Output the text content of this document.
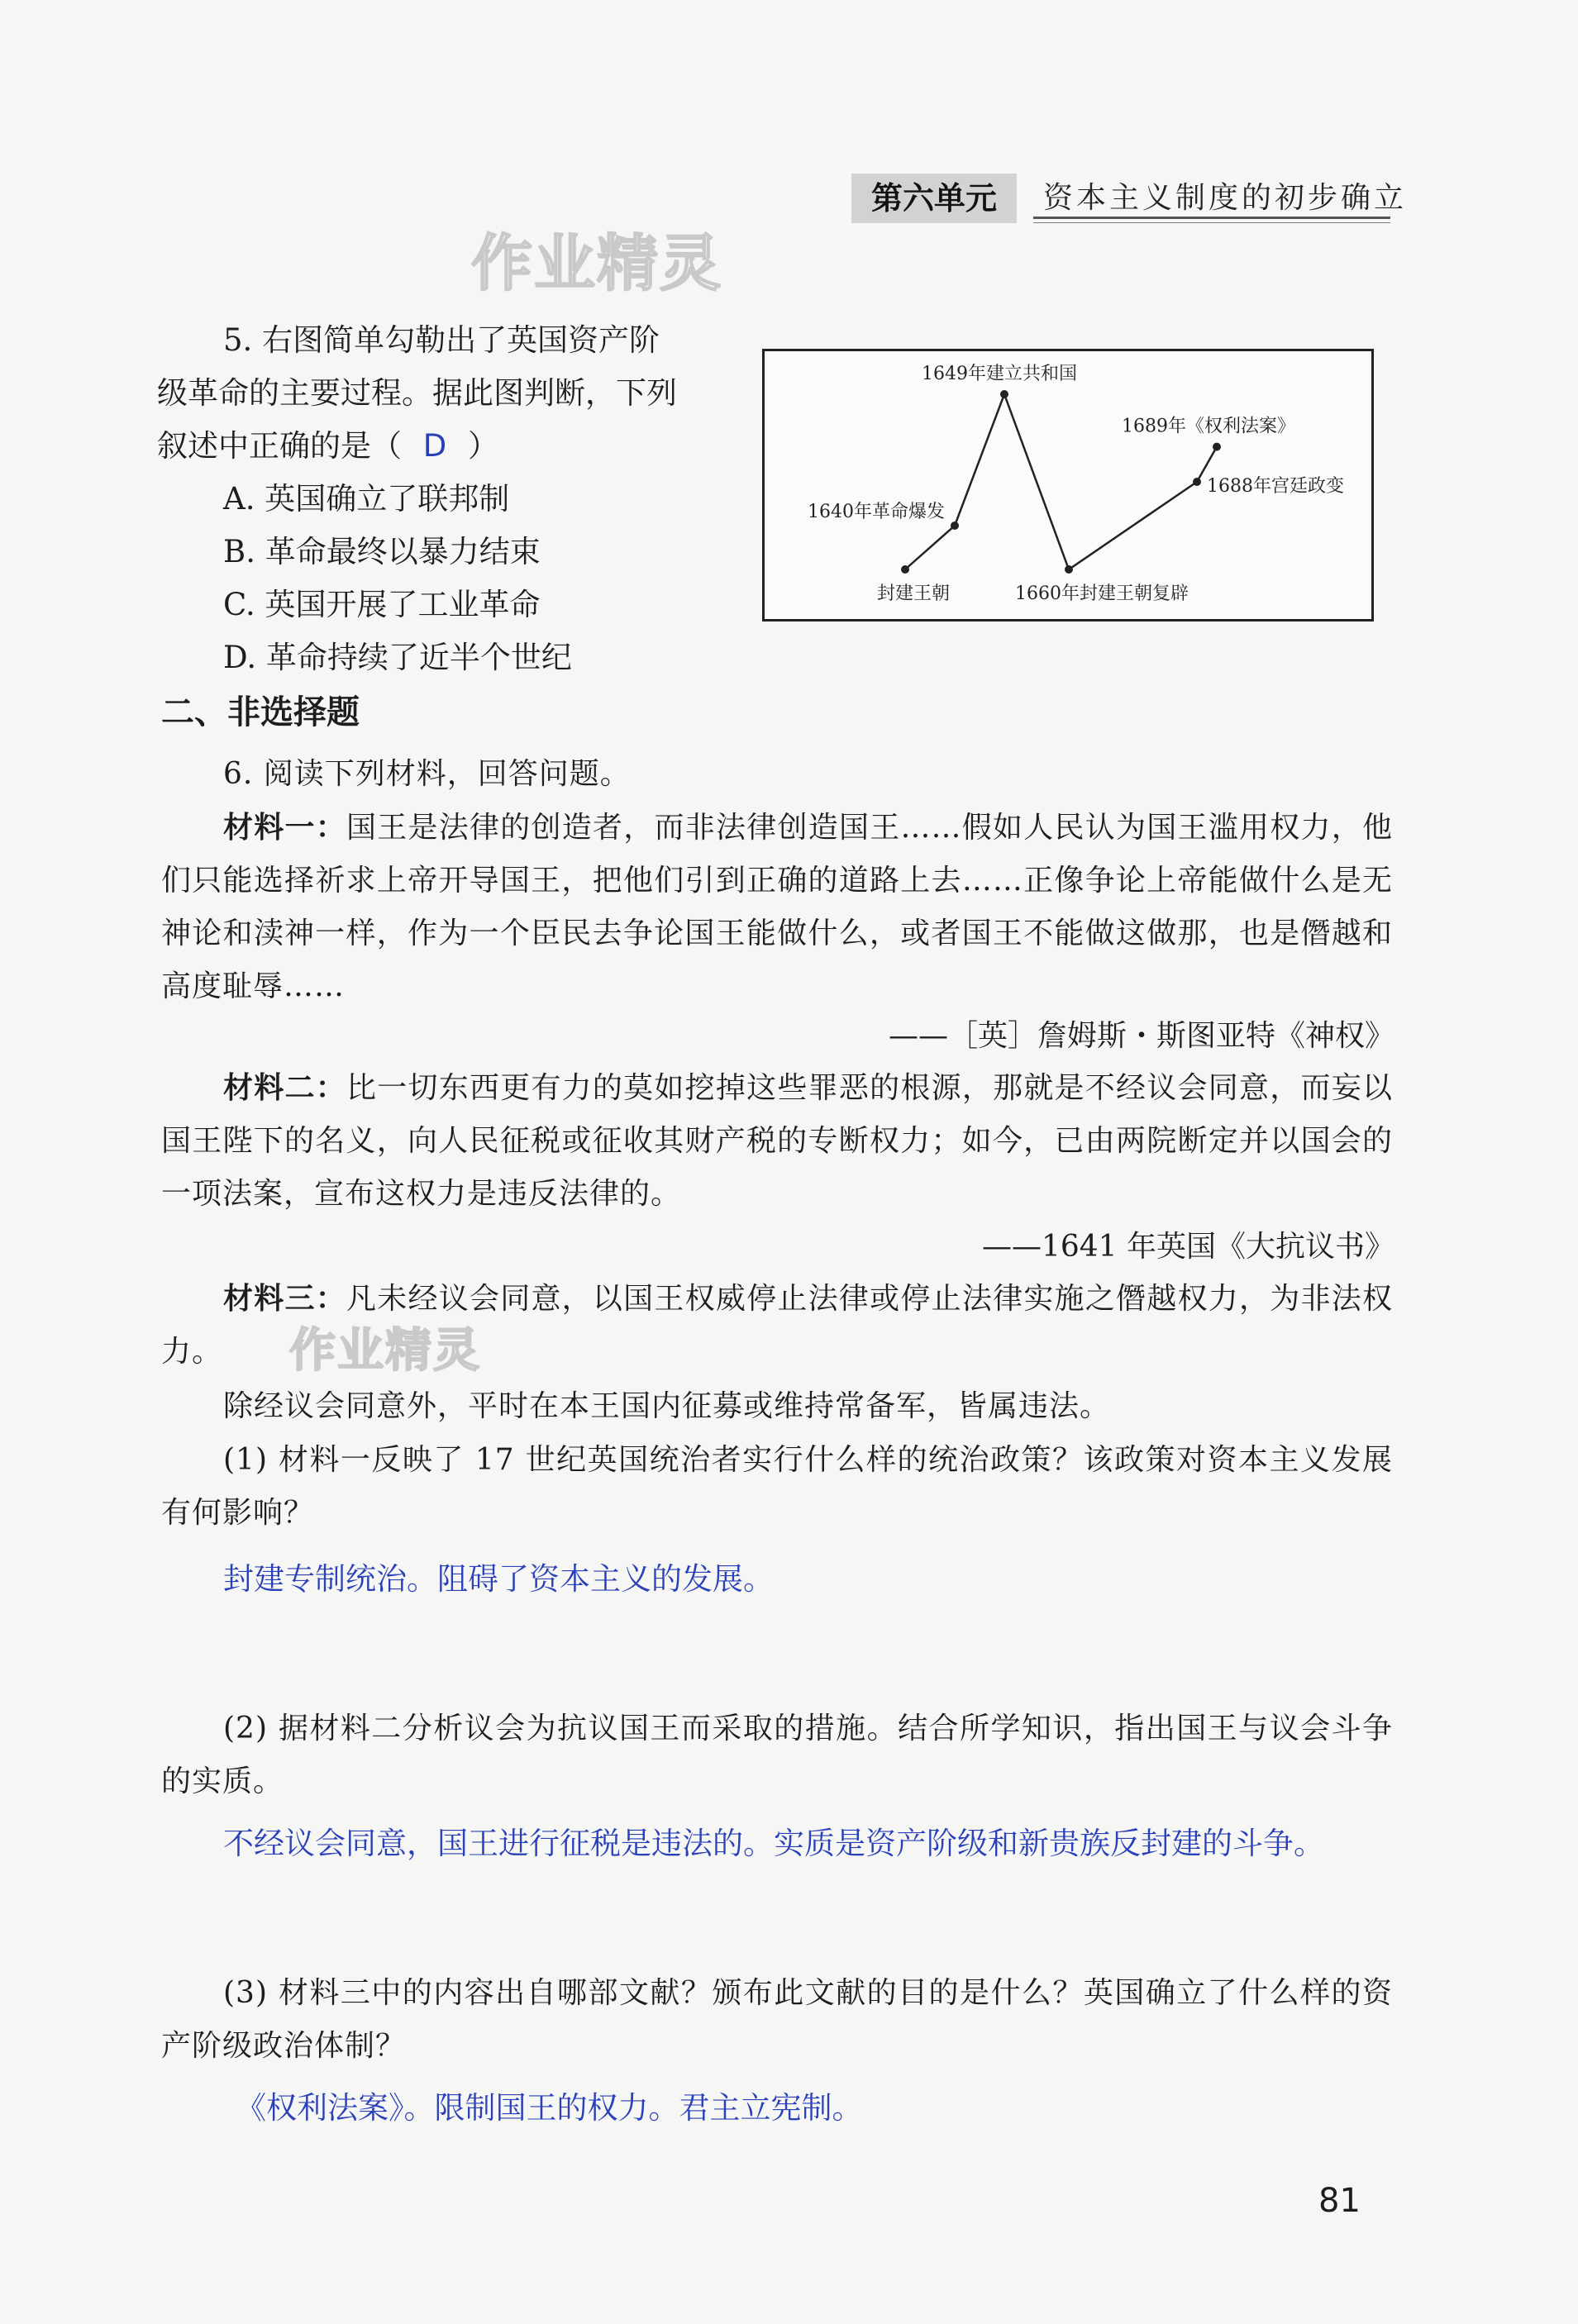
第六单元	资本主义制度的初步确立
作业精灵
作业精灵
5. 右图简单勾勒出了英国资产阶
级革命的主要过程。据此图判断，下列
叙述中正确的是（ D ）
A. 英国确立了联邦制
B. 革命最终以暴力结束
C. 英国开展了工业革命
D. 革命持续了近半个世纪
封建王朝
1640年革命爆发
1649年建立共和国
1660年封建王朝复辟
1688年宫廷政变
1689年《权利法案》
二、非选择题
6. 阅读下列材料，回答问题。
材料一：国王是法律的创造者，而非法律创造国王……假如人民认为国王滥用权力，他们只能选择祈求上帝开导国王，把他们引到正确的道路上去……正像争论上帝能做什么是无神论和渎神一样，作为一个臣民去争论国王能做什么，或者国王不能做这做那，也是僭越和高度耻辱……
——［英］詹姆斯・斯图亚特《神权》
材料二：比一切东西更有力的莫如挖掉这些罪恶的根源，那就是不经议会同意，而妄以国王陛下的名义，向人民征税或征收其财产税的专断权力；如今，已由两院断定并以国会的一项法案，宣布这权力是违反法律的。
——1641 年英国《大抗议书》
材料三：凡未经议会同意，以国王权威停止法律或停止法律实施之僭越权力，为非法权力。
除经议会同意外，平时在本王国内征募或维持常备军，皆属违法。
(1) 材料一反映了 17 世纪英国统治者实行什么样的统治政策？该政策对资本主义发展有何影响？
封建专制统治。阻碍了资本主义的发展。
(2) 据材料二分析议会为抗议国王而采取的措施。结合所学知识，指出国王与议会斗争的实质。
不经议会同意，国王进行征税是违法的。实质是资产阶级和新贵族反封建的斗争。
(3) 材料三中的内容出自哪部文献？颁布此文献的目的是什么？英国确立了什么样的资产阶级政治体制？
《权利法案》。限制国王的权力。君主立宪制。
81
